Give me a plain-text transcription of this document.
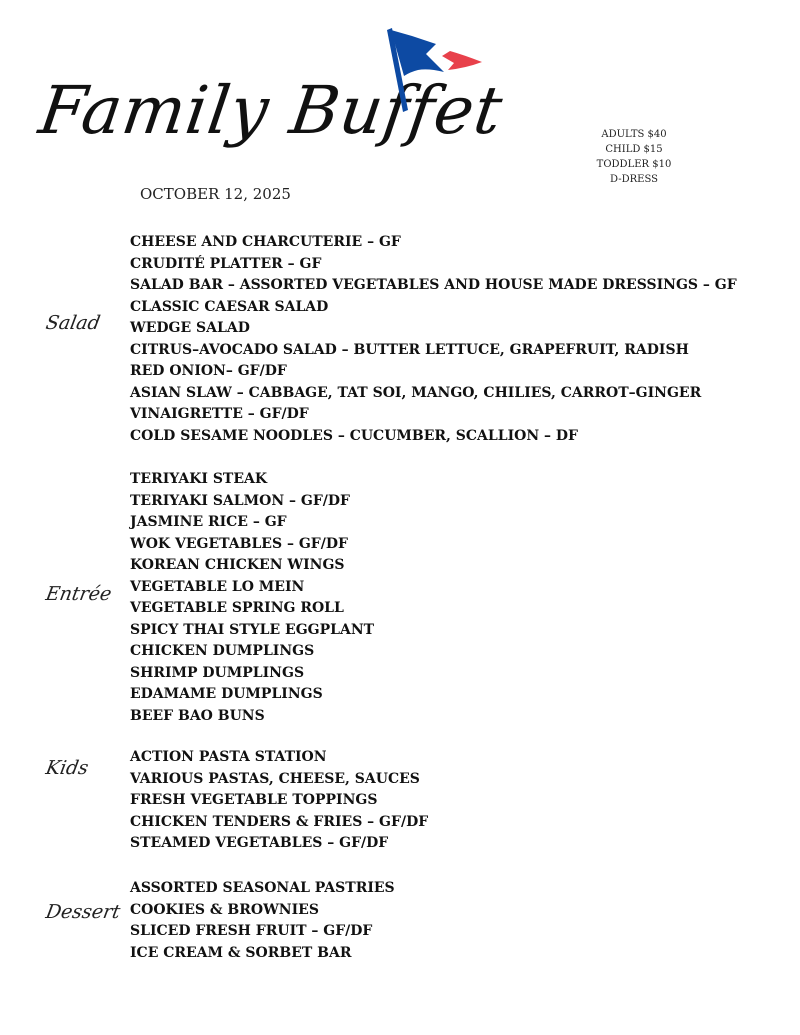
Family Buffet
OCTOBER 12, 2025
ADULTS $40
CHILD $15
TODDLER $10
D-DRESS
Salad
CHEESE AND CHARCUTERIE – GF
CRUDITÉ PLATTER – GF
SALAD BAR – ASSORTED VEGETABLES AND HOUSE MADE DRESSINGS – GF
CLASSIC CAESAR SALAD
WEDGE SALAD
CITRUS–AVOCADO SALAD – BUTTER LETTUCE, GRAPEFRUIT, RADISH
RED ONION– GF/DF
ASIAN SLAW – CABBAGE, TAT SOI, MANGO, CHILIES, CARROT–GINGER
VINAIGRETTE – GF/DF
COLD SESAME NOODLES – CUCUMBER, SCALLION – DF
Entrée
TERIYAKI STEAK
TERIYAKI SALMON – GF/DF
JASMINE RICE – GF
WOK VEGETABLES – GF/DF
KOREAN CHICKEN WINGS
VEGETABLE LO MEIN
VEGETABLE SPRING ROLL
SPICY THAI STYLE EGGPLANT
CHICKEN DUMPLINGS
SHRIMP DUMPLINGS
EDAMAME DUMPLINGS
BEEF BAO BUNS
Kids	ACTION PASTA STATION
VARIOUS PASTAS, CHEESE, SAUCES
FRESH VEGETABLE TOPPINGS
CHICKEN TENDERS & FRIES – GF/DF
STEAMED VEGETABLES – GF/DF
Dessert
ASSORTED SEASONAL PASTRIES
COOKIES & BROWNIES
SLICED FRESH FRUIT – GF/DF
ICE CREAM & SORBET BAR
